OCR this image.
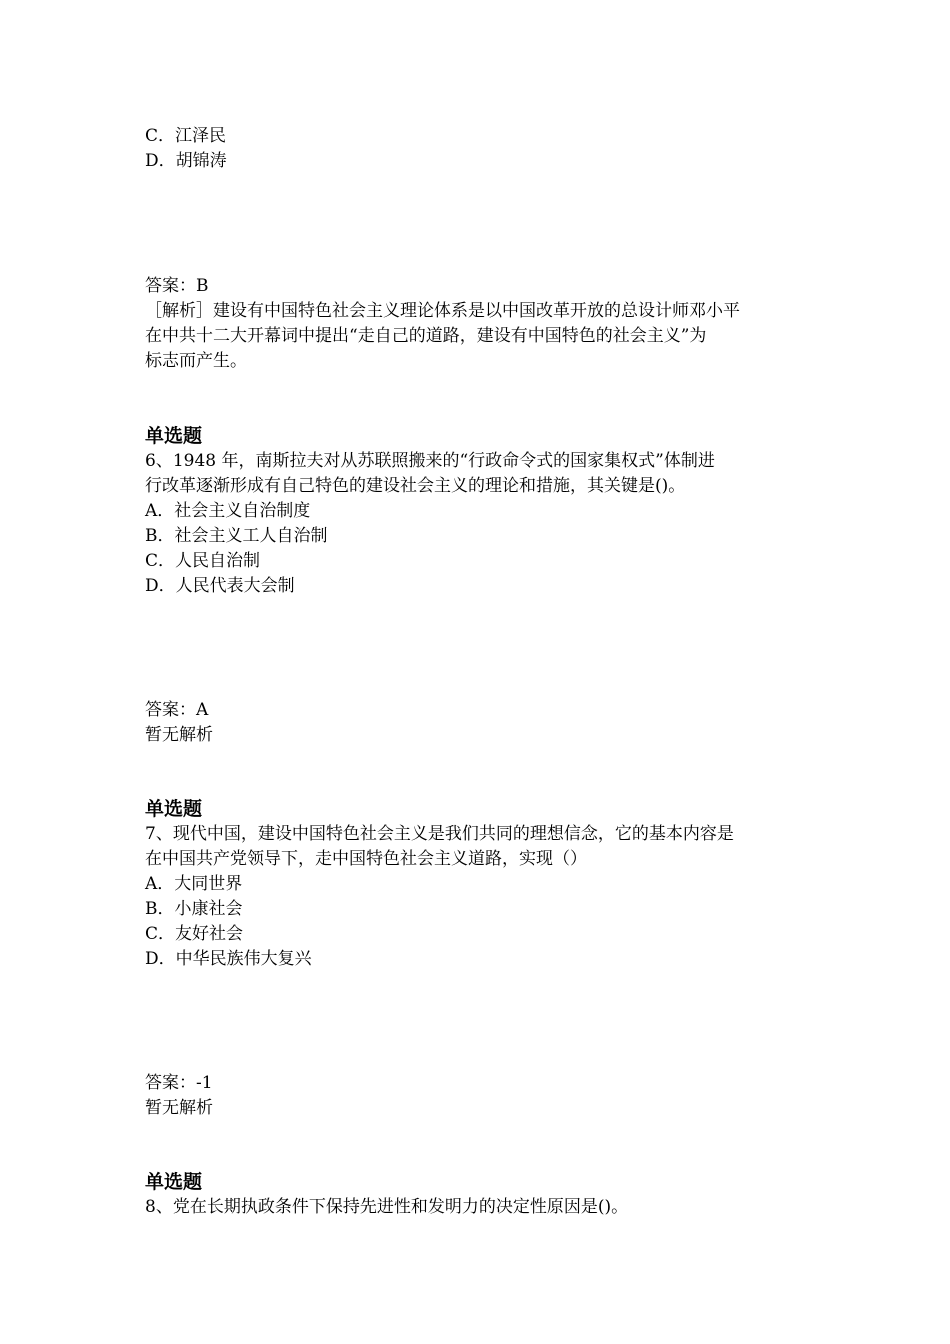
C．江泽民
D．胡锦涛
答案：B
［解析］建设有中国特色社会主义理论体系是以中国改革开放的总设计师邓小平
在中共十二大开幕词中提出“走自己的道路，建设有中国特色的社会主义”为
标志而产生。
单选题
6、1948 年，南斯拉夫对从苏联照搬来的“行政命令式的国家集权式”体制进
行改革逐渐形成有自己特色的建设社会主义的理论和措施，其关键是()。
A．社会主义自治制度
B．社会主义工人自治制
C．人民自治制
D．人民代表大会制
答案：A
暂无解析
单选题
7、现代中国，建设中国特色社会主义是我们共同的理想信念，它的基本内容是
在中国共产党领导下，走中国特色社会主义道路，实现（）
A．大同世界
B．小康社会
C．友好社会
D．中华民族伟大复兴
答案：-1
暂无解析
单选题
8、党在长期执政条件下保持先进性和发明力的决定性原因是()。
